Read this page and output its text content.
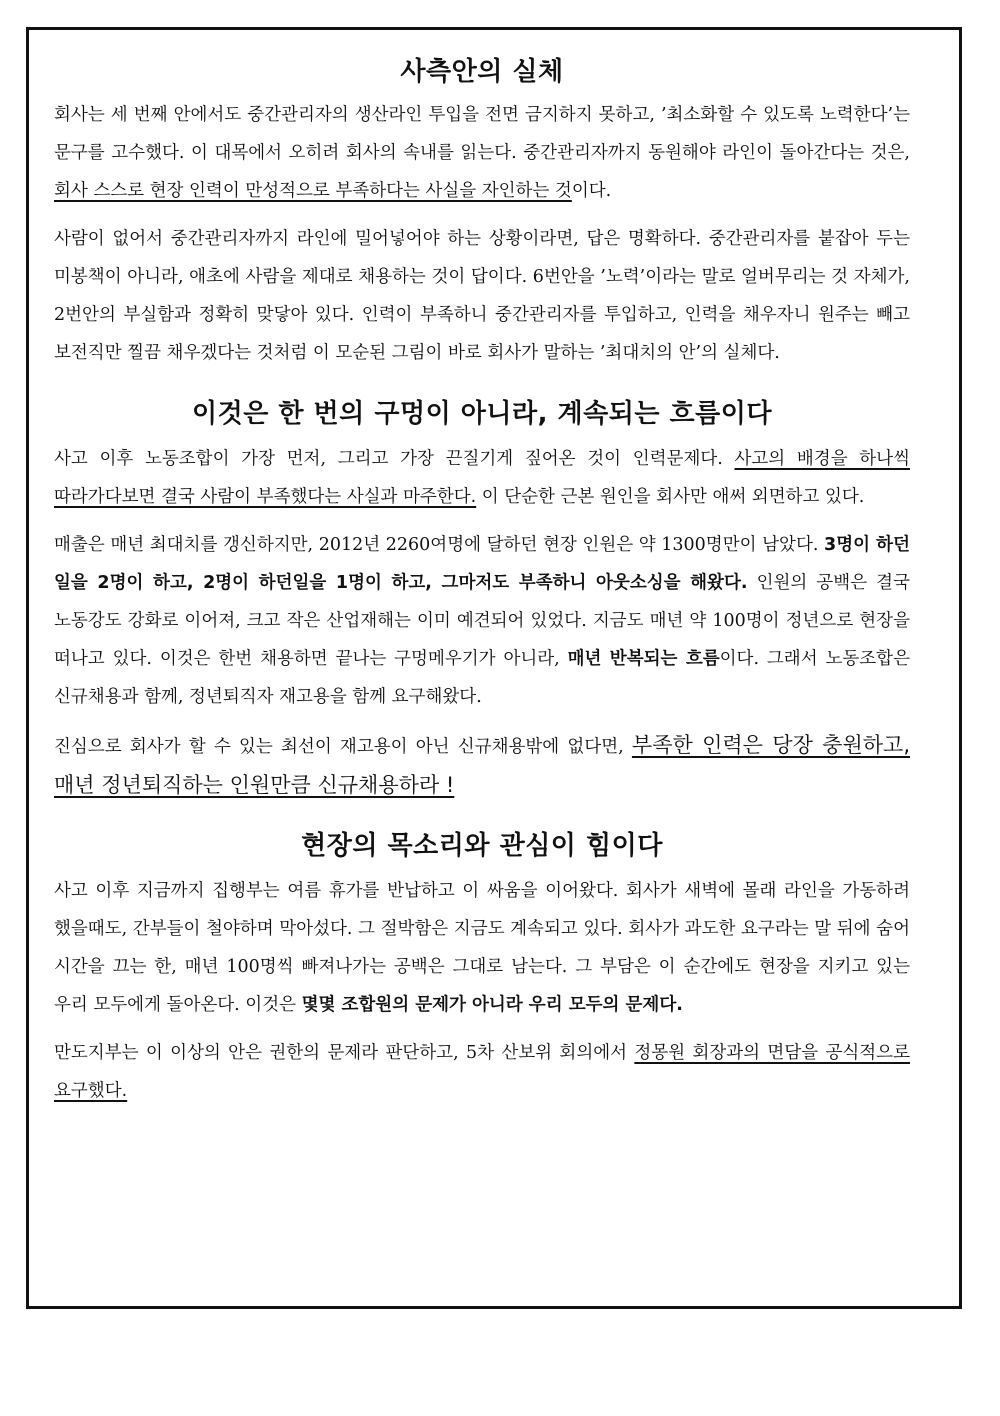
사측안의 실체

회사는 세 번째 안에서도 중간관리자의 생산라인 투입을 전면 금지하지 못하고, ’최소화할 수 있도록 노력한다’는 문구를 고수했다. 이 대목에서 오히려 회사의 속내를 읽는다. 중간관리자까지 동원해야 라인이 돌아간다는 것은, 회사 스스로 현장 인력이 만성적으로 부족하다는 사실을 자인하는 것이다.

사람이 없어서 중간관리자까지 라인에 밀어넣어야 하는 상황이라면, 답은 명확하다. 중간관리자를 붙잡아 두는 미봉책이 아니라, 애초에 사람을 제대로 채용하는 것이 답이다. 6번안을 ’노력’이라는 말로 얼버무리는 것 자체가, 2번안의 부실함과 정확히 맞닿아 있다. 인력이 부족하니 중간관리자를 투입하고, 인력을 채우자니 원주는 빼고 보전직만 찔끔 채우겠다는 것처럼 이 모순된 그림이 바로 회사가 말하는 ’최대치의 안’의 실체다.

이것은 한 번의 구멍이 아니라, 계속되는 흐름이다

사고 이후 노동조합이 가장 먼저, 그리고 가장 끈질기게 짚어온 것이 인력문제다. 사고의 배경을 하나씩 따라가다보면 결국 사람이 부족했다는 사실과 마주한다. 이 단순한 근본 원인을 회사만 애써 외면하고 있다.

매출은 매년 최대치를 갱신하지만, 2012년 2260여명에 달하던 현장 인원은 약 1300명만이 남았다. 3명이 하던 일을 2명이 하고, 2명이 하던일을 1명이 하고, 그마저도 부족하니 아웃소싱을 해왔다. 인원의 공백은 결국 노동강도 강화로 이어져, 크고 작은 산업재해는 이미 예견되어 있었다. 지금도 매년 약 100명이 정년으로 현장을 떠나고 있다. 이것은 한번 채용하면 끝나는 구멍메우기가 아니라, 매년 반복되는 흐름이다. 그래서 노동조합은 신규채용과 함께, 정년퇴직자 재고용을 함께 요구해왔다.

진심으로 회사가 할 수 있는 최선이 재고용이 아닌 신규채용밖에 없다면, 부족한 인력은 당장 충원하고, 매년 정년퇴직하는 인원만큼 신규채용하라 !

현장의 목소리와 관심이 힘이다

사고 이후 지금까지 집행부는 여름 휴가를 반납하고 이 싸움을 이어왔다. 회사가 새벽에 몰래 라인을 가동하려 했을때도, 간부들이 철야하며 막아섰다. 그 절박함은 지금도 계속되고 있다. 회사가 과도한 요구라는 말 뒤에 숨어 시간을 끄는 한, 매년 100명씩 빠져나가는 공백은 그대로 남는다. 그 부담은 이 순간에도 현장을 지키고 있는 우리 모두에게 돌아온다. 이것은 몇몇 조합원의 문제가 아니라 우리 모두의 문제다.

만도지부는 이 이상의 안은 권한의 문제라 판단하고, 5차 산보위 회의에서 정몽원 회장과의 면담을 공식적으로 요구했다.
